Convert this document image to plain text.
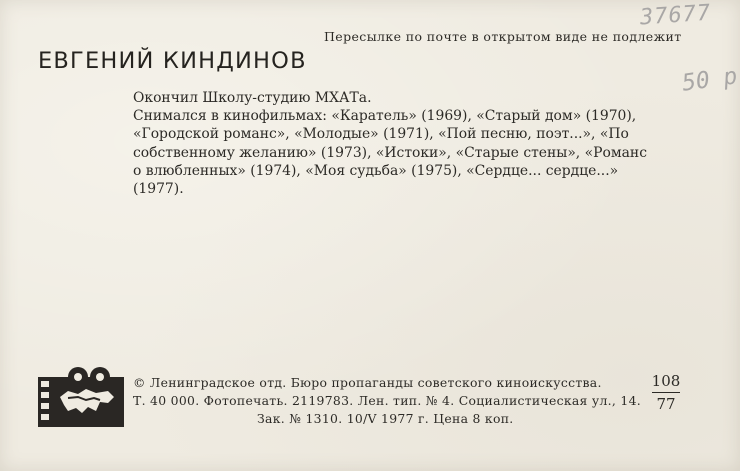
37677
50 р
Пересылке по почте в открытом виде не подлежит
ЕВГЕНИЙ КИНДИНОВ

Окончил Школу-студию МХАТа.

Снимался в кинофильмах: «Каратель» (1969), «Старый дом» (1970),

«Городской романс», «Молодые» (1971), «Пой песню, поэт...», «По

собственному желанию» (1973), «Истоки», «Старые стены», «Романс

о влюбленных» (1974), «Моя судьба» (1975), «Сердце... сердце...»

(1977).

© Ленинградское отд. Бюро пропаганды советского киноискусства.

Т. 40 000. Фотопечать. 2119783. Лен. тип. № 4. Социалистическая ул., 14.

Зак. № 1310. 10/V 1977 г. Цена 8 коп.

108
77
